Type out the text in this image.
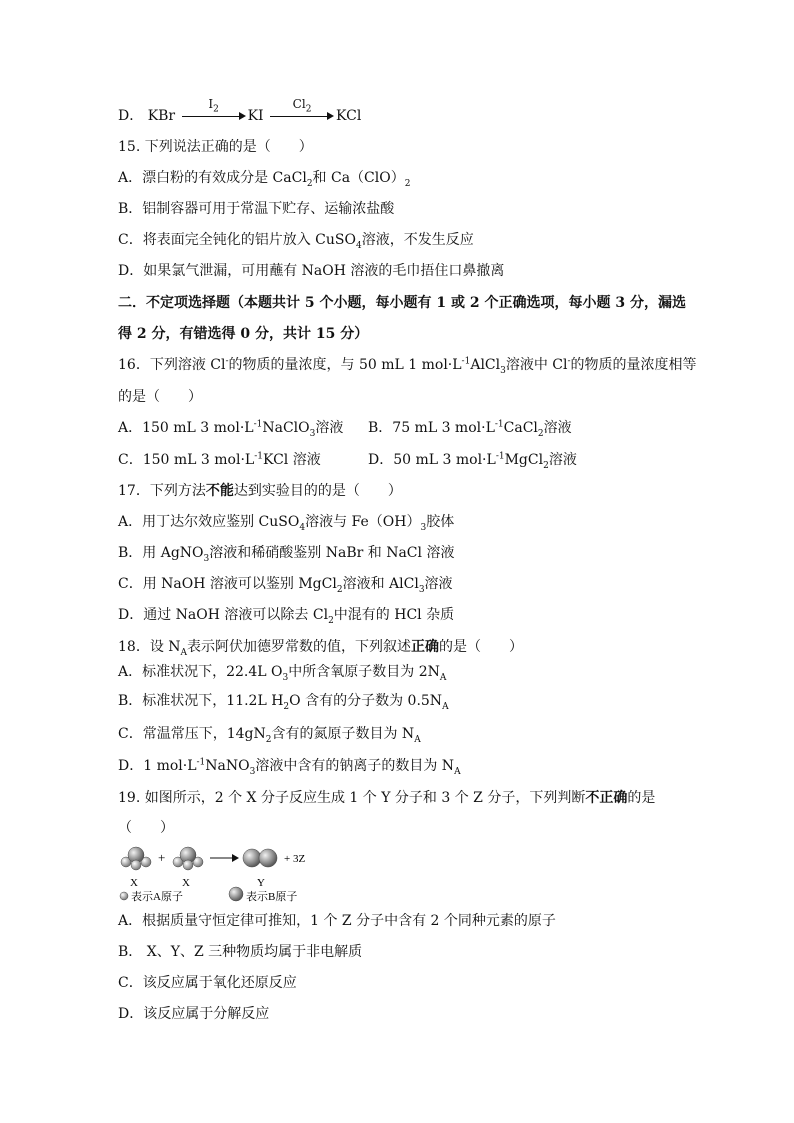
D． KBr
$I_2$	KI
$Cl_2$	KCl
15. 下列说法正确的是（　　）
A．漂白粉的有效成分是 CaCl$_2$和 $Ca(ClO)_2$
B．铝制容器可用于常温下贮存、运输浓盐酸
C．将表面完全钝化的铝片放入 CuSO$_4$溶液，不发生反应
D．如果氯气泄漏，可用蘸有 NaOH 溶液的毛巾捂住口鼻撤离
二．不定项选择题（本题共计 5 个小题，每小题有 1 或 2 个正确选项，每小题 3 分，漏选
得 2 分，有错选得 0 分，共计 15 分）
16．下列溶液 Cl-的物质的量浓度，与 50 mL 1 $mol\cdot L^{-1}AlCl_3$溶液中 Cl-的物质的量浓度相等
的是（　　）
A．150 mL 3 $mol\cdot L^{-1}NaClO_3$溶液 B．75 mL 3 $mol\cdot L^{-1}CaCl_2$溶液
C．150 mL 3 $mol\cdot L^{-1}KCl$ 溶液	D．50 mL 3 $mol\cdot L^{-1}MgCl_2$溶液
17．下列方法不能达到实验目的的是（　　）
A．用丁达尔效应鉴别 CuSO$_4$溶液与 $Fe(OH)_3$胶体
B．用 AgNO$_3$溶液和稀硝酸鉴别 NaBr 和 NaCl 溶液
C．用 NaOH 溶液可以鉴别 MgCl$_2$溶液和 AlCl$_3$溶液
D．通过 NaOH 溶液可以除去 $Cl_2$中混有的 HCl 杂质
18．设 $N_A$表示阿伏加德罗常数的值，下列叙述正确的是（　　）
A．标准状况下，22.4L $O_3$中所含氧原子数目为 $2N_A$
B．标准状况下，11.2L $H_2O$ 含有的分子数为 $0.5N_A$
C．常温常压下，$14gN_2$含有的氮原子数目为 $N_A$
D．1 $mol\cdot L^{-1}NaNO_3$溶液中含有的钠离子的数目为 $N_A$
19. 如图所示，2 个 X 分子反应生成 1 个 Y 分子和 3 个 Z 分子，下列判断不正确的是
（　　）
+	+ 3Z
X	X	Y
表示A原子	表示B原子
A．根据质量守恒定律可推知，1 个 Z 分子中含有 2 个同种元素的原子
B． X、Y、Z 三种物质均属于非电解质
C．该反应属于氧化还原反应
D．该反应属于分解反应
